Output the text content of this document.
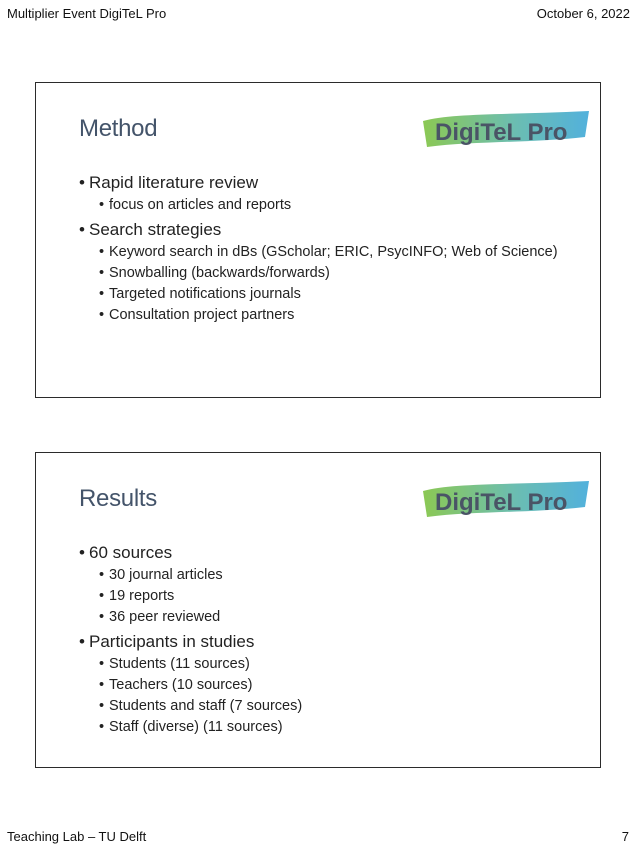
Multiplier Event DigiTeL Pro	October 6, 2022
Method	DigiTeL Pro
• Rapid literature review
• focus on articles and reports
• Search strategies
• Keyword search in dBs (GScholar; ERIC, PsycINFO; Web of Science)
• Snowballing (backwards/forwards)
• Targeted notifications journals
• Consultation project partners
Results	DigiTeL Pro
• 60 sources
• 30 journal articles
• 19 reports
• 36 peer reviewed
• Participants in studies
• Students (11 sources)
• Teachers (10 sources)
• Students and staff (7 sources)
• Staff (diverse) (11 sources)
Teaching Lab – TU Delft	7
